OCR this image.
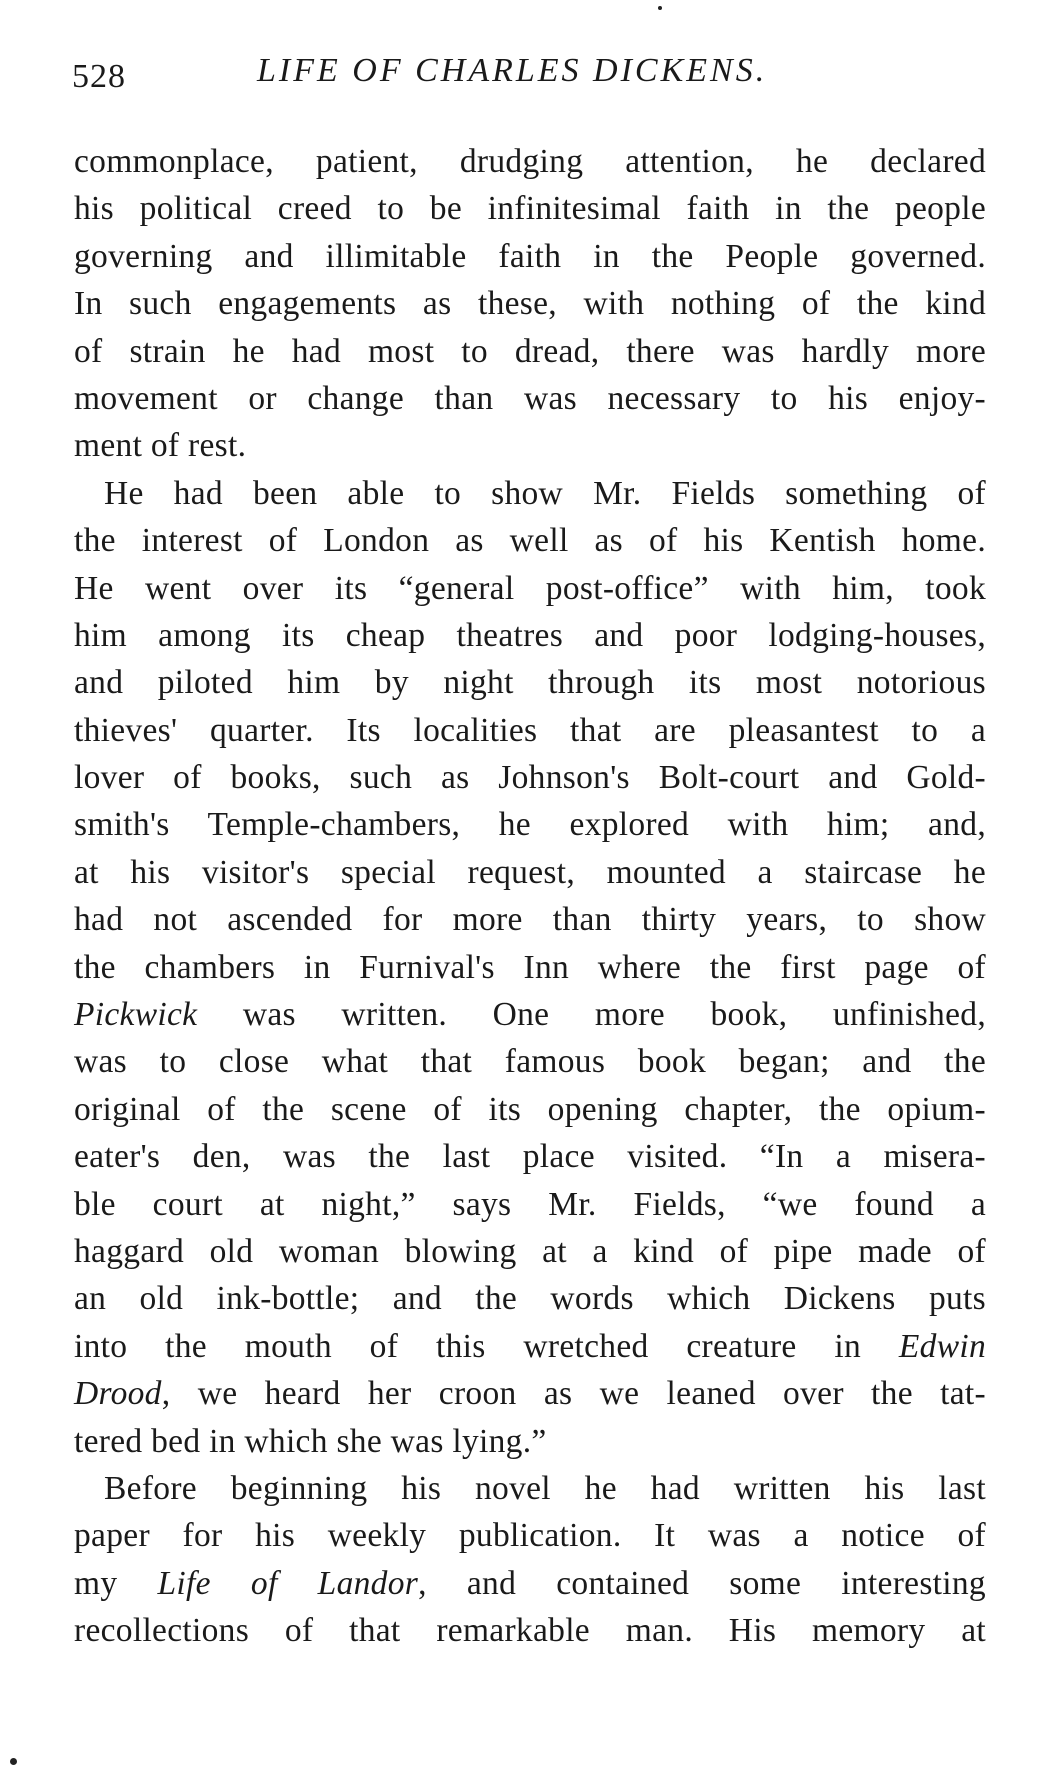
528	LIFE OF CHARLES DICKENS.
commonplace, patient, drudging attention, he declared
his political creed to be infinitesimal faith in the people
governing and illimitable faith in the People governed.
In such engagements as these, with nothing of the kind
of strain he had most to dread, there was hardly more
movement or change than was necessary to his enjoy-
ment of rest.
He had been able to show Mr. Fields something of
the interest of London as well as of his Kentish home.
He went over its “general post-office” with him, took
him among its cheap theatres and poor lodging-houses,
and piloted him by night through its most notorious
thieves' quarter. Its localities that are pleasantest to a
lover of books, such as Johnson's Bolt-court and Gold-
smith's Temple-chambers, he explored with him; and,
at his visitor's special request, mounted a staircase he
had not ascended for more than thirty years, to show
the chambers in Furnival's Inn where the first page of
Pickwick was written. One more book, unfinished,
was to close what that famous book began; and the
original of the scene of its opening chapter, the opium-
eater's den, was the last place visited. “In a misera-
ble court at night,” says Mr. Fields, “we found a
haggard old woman blowing at a kind of pipe made of
an old ink-bottle; and the words which Dickens puts
into the mouth of this wretched creature in Edwin
Drood, we heard her croon as we leaned over the tat-
tered bed in which she was lying.”
Before beginning his novel he had written his last
paper for his weekly publication. It was a notice of
my Life of Landor, and contained some interesting
recollections of that remarkable man. His memory at
